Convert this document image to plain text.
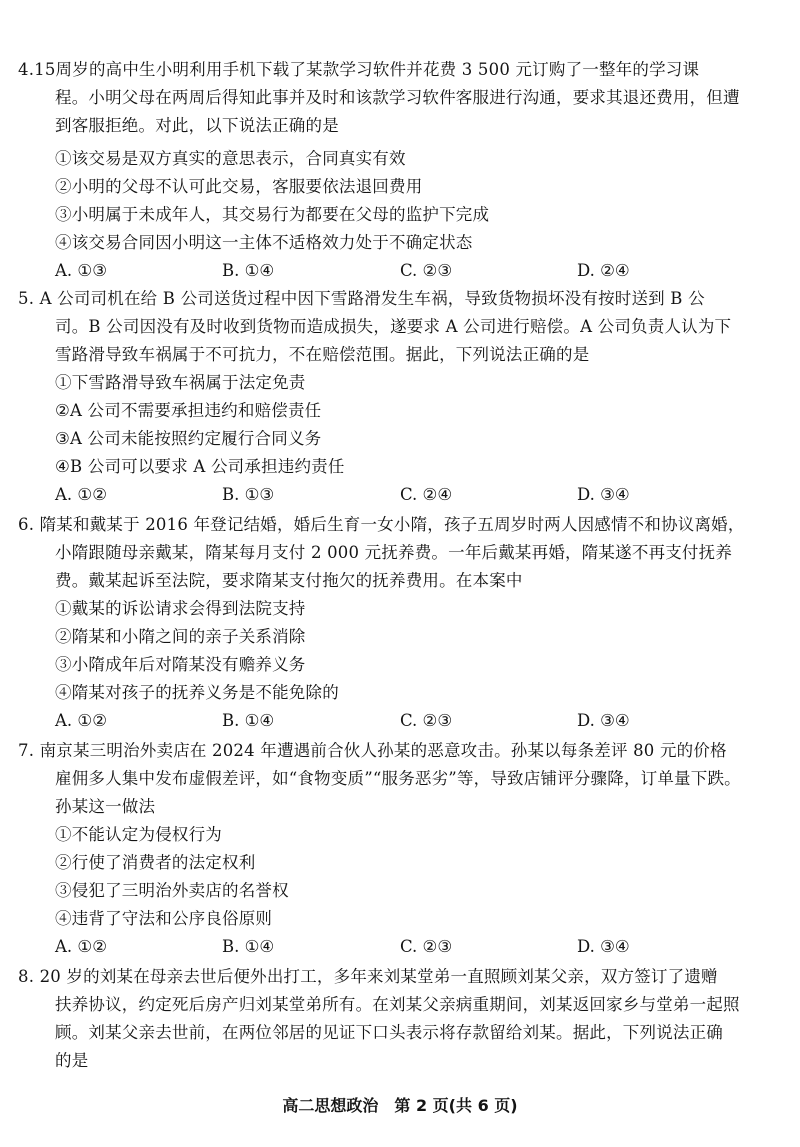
4.15周岁的高中生小明利用手机下载了某款学习软件并花费 3 500 元订购了一整年的学习课
程。小明父母在两周后得知此事并及时和该款学习软件客服进行沟通，要求其退还费用，但遭
到客服拒绝。对此，以下说法正确的是
①该交易是双方真实的意思表示，合同真实有效
②小明的父母不认可此交易，客服要依法退回费用
③小明属于未成年人，其交易行为都要在父母的监护下完成
④该交易合同因小明这一主体不适格效力处于不确定状态
A. ①③	B. ①④	C. ②③	D. ②④
5. A 公司司机在给 B 公司送货过程中因下雪路滑发生车祸，导致货物损坏没有按时送到 B 公
司。B 公司因没有及时收到货物而造成损失，遂要求 A 公司进行赔偿。A 公司负责人认为下
雪路滑导致车祸属于不可抗力，不在赔偿范围。据此，下列说法正确的是
①下雪路滑导致车祸属于法定免责
②A 公司不需要承担违约和赔偿责任
③A 公司未能按照约定履行合同义务
④B 公司可以要求 A 公司承担违约责任
A. ①②	B. ①③	C. ②④	D. ③④
6. 隋某和戴某于 2016 年登记结婚，婚后生育一女小隋，孩子五周岁时两人因感情不和协议离婚，
小隋跟随母亲戴某，隋某每月支付 2 000 元抚养费。一年后戴某再婚，隋某遂不再支付抚养
费。戴某起诉至法院，要求隋某支付拖欠的抚养费用。在本案中
①戴某的诉讼请求会得到法院支持
②隋某和小隋之间的亲子关系消除
③小隋成年后对隋某没有赡养义务
④隋某对孩子的抚养义务是不能免除的
A. ①②	B. ①④	C. ②③	D. ③④
7. 南京某三明治外卖店在 2024 年遭遇前合伙人孙某的恶意攻击。孙某以每条差评 80 元的价格
雇佣多人集中发布虚假差评，如“食物变质”“服务恶劣”等，导致店铺评分骤降，订单量下跌。
孙某这一做法
①不能认定为侵权行为
②行使了消费者的法定权利
③侵犯了三明治外卖店的名誉权
④违背了守法和公序良俗原则
A. ①②	B. ①④	C. ②③	D. ③④
8. 20 岁的刘某在母亲去世后便外出打工，多年来刘某堂弟一直照顾刘某父亲，双方签订了遗赠
扶养协议，约定死后房产归刘某堂弟所有。在刘某父亲病重期间，刘某返回家乡与堂弟一起照
顾。刘某父亲去世前，在两位邻居的见证下口头表示将存款留给刘某。据此，下列说法正确
的是
高二思想政治　第 2 页(共 6 页)
